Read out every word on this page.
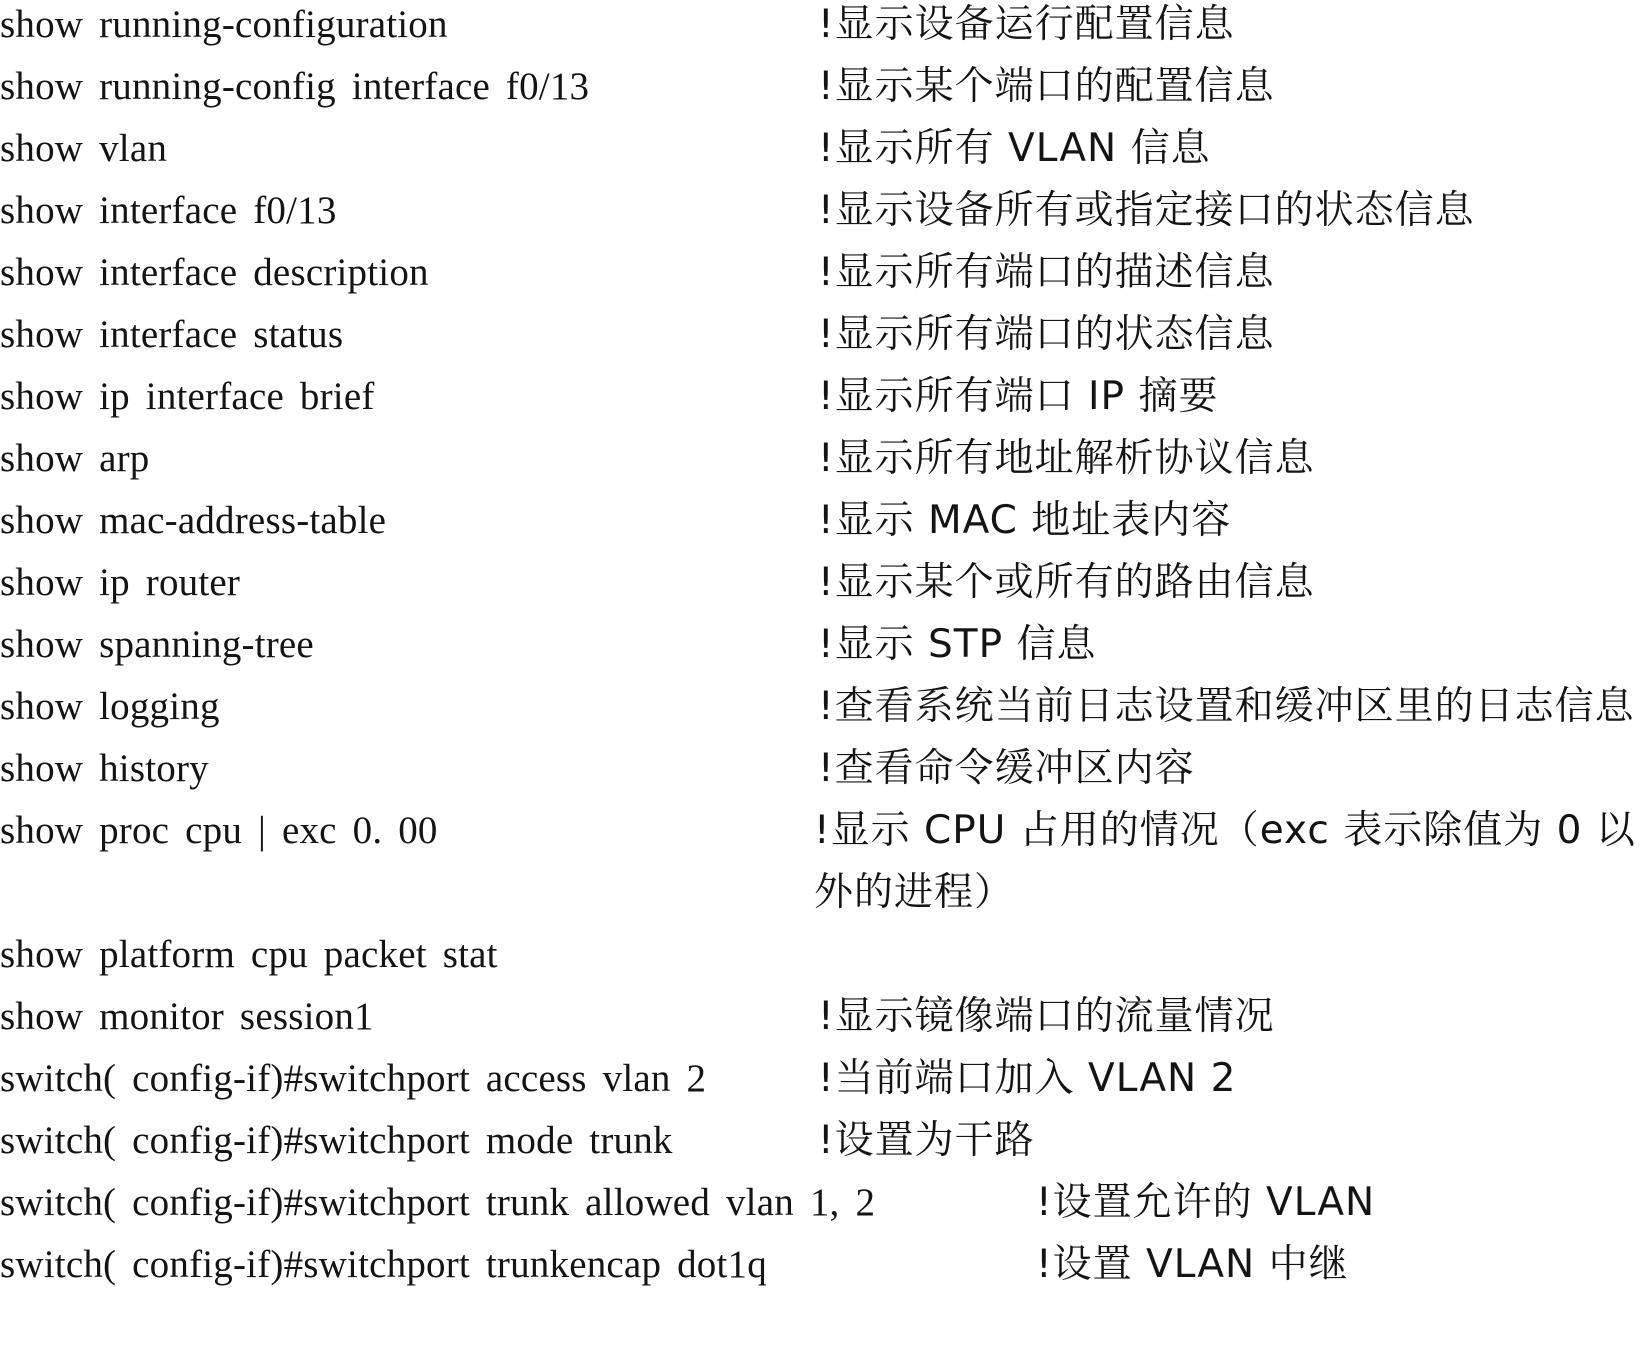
show running-configuration	!显示设备运行配置信息
show running-config interface f0/13	!显示某个端口的配置信息
show vlan	!显示所有 VLAN 信息
show interface f0/13	!显示设备所有或指定接口的状态信息
show interface description	!显示所有端口的描述信息
show interface status	!显示所有端口的状态信息
show ip interface brief	!显示所有端口 IP 摘要
show arp	!显示所有地址解析协议信息
show mac-address-table	!显示 MAC 地址表内容
show ip router	!显示某个或所有的路由信息
show spanning-tree	!显示 STP 信息
show logging	!查看系统当前日志设置和缓冲区里的日志信息
show history	!查看命令缓冲区内容
show proc cpu | exc 0. 00	!显示 CPU 占用的情况（exc 表示除值为 0 以外的进程）
show platform cpu packet stat
show monitor session1	!显示镜像端口的流量情况
switch( config-if)#switchport access vlan 2	!当前端口加入 VLAN 2
switch( config-if)#switchport mode trunk	!设置为干路
switch( config-if)#switchport trunk allowed vlan 1, 2	!设置允许的 VLAN
switch( config-if)#switchport trunkencap dot1q	!设置 VLAN 中继
